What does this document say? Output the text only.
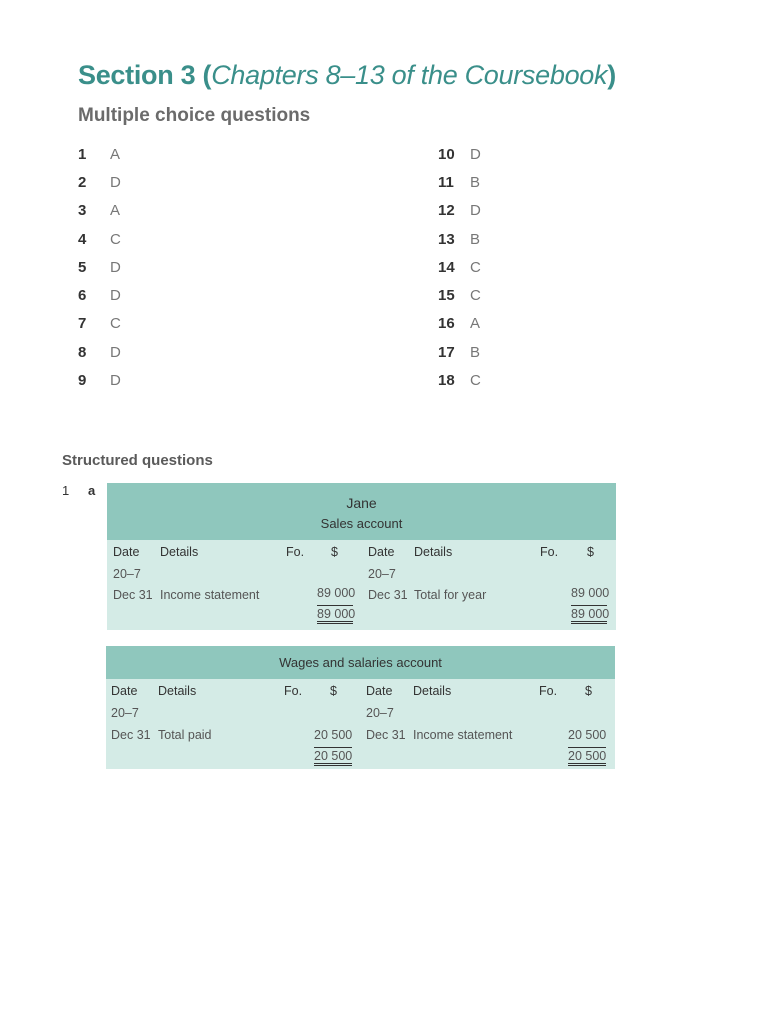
Section 3 (Chapters 8–13 of the Coursebook)
Multiple choice questions
1	A
2	D
3	A
4	C
5	D
6	D
7	C
8	D
9	D
10	D
11	B
12	D
13	B
14	C
15	C
16	A
17	B
18	C
Structured questions
1 a
Jane
Sales account
Date Details	Fo. $
20–7
Dec 31 Income statement	89 000
89 000
Date Details	Fo. $
20–7
Dec 31 Total for year	89 000
89 000
Wages and salaries account
Date Details	Fo. $
20–7
Dec 31 Total paid	20 500
20 500
Date Details	Fo. $
20–7
Dec 31 Income statement	20 500
20 500
